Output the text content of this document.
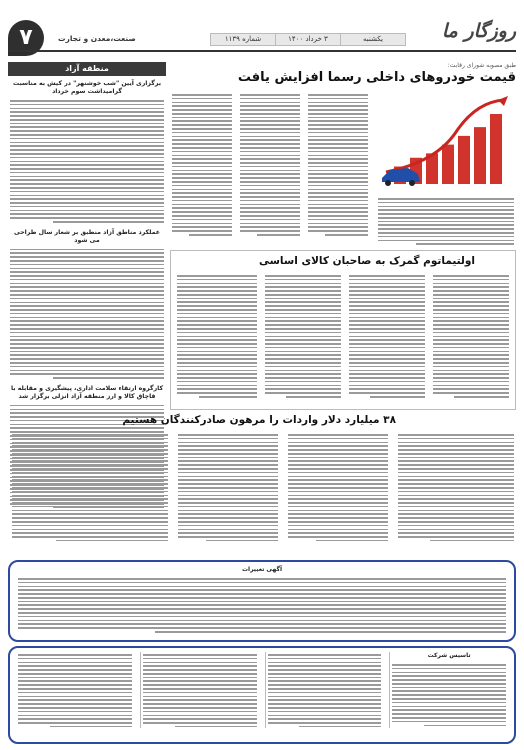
روزگار ما
یکشنبه
۳ خرداد ۱۴۰۰
شماره ۱۱۳۹
صنعت،معدن و تجارت
۷
منطقه آزاد
برگزاری آیین "شب خوشنهر" در کیش به مناسبت گرامیداشت سوم خرداد
عملکرد مناطق آزاد منطبق بر شعار سال طراحی می شود
کارگروه ارتقاء سلامت اداری، پیشگیری و مقابله با قاچاق کالا و ارز منطقه آزاد انزلی برگزار شد
طبق مصوبه شورای رقابت:
قیمت خودروهای داخلی رسما افزایش یافت
اولتیماتوم گمرک به صاحبان کالای اساسی
۳۸ میلیارد دلار واردات را مرهون صادرکنندگان هستیم
آگهی تغییرات
تاسیس شرکت
